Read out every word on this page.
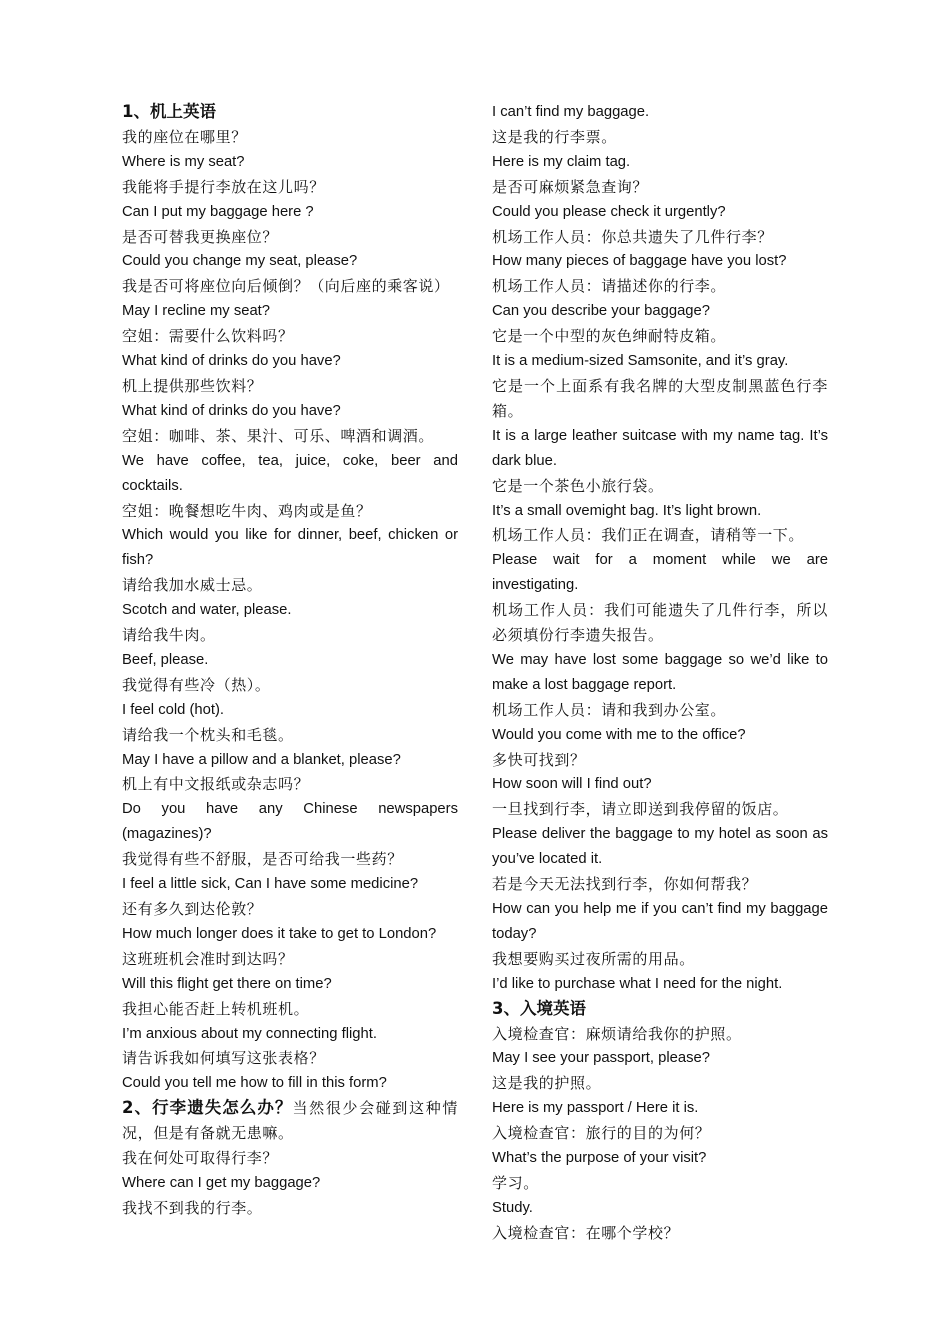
1、机上英语

我的座位在哪里？

Where is my seat?

我能将手提行李放在这儿吗？

Can I put my baggage here ?

是否可替我更换座位？

Could you change my seat, please?

我是否可将座位向后倾倒？（向后座的乘客说）

May I recline my seat?

空姐：需要什么饮料吗？

What kind of drinks do you have?

机上提供那些饮料？

What kind of drinks do you have?

空姐：咖啡、茶、果汁、可乐、啤酒和调酒。

We have coffee, tea, juice, coke, beer and cocktails.

空姐：晚餐想吃牛肉、鸡肉或是鱼？

Which would you like for dinner, beef, chicken or fish?

请给我加水威士忌。

Scotch and water, please.

请给我牛肉。

Beef, please.

我觉得有些冷（热）。

I feel cold (hot).

请给我一个枕头和毛毯。

May I have a pillow and a blanket, please?

机上有中文报纸或杂志吗？

Do you have any Chinese newspapers (magazines)?

我觉得有些不舒服，是否可给我一些药？

I feel a little sick, Can I have some medicine?

还有多久到达伦敦？

How much longer does it take to get to London?

这班班机会准时到达吗？

Will this flight get there on time?

我担心能否赶上转机班机。

I’m anxious about my connecting flight.

请告诉我如何填写这张表格？

Could you tell me how to fill in this form?

2、行李遗失怎么办？当然很少会碰到这种情况，但是有备就无患嘛。

我在何处可取得行李？

Where can I get my baggage?

我找不到我的行李。

I can’t find my baggage.

这是我的行李票。

Here is my claim tag.

是否可麻烦紧急查询？

Could you please check it urgently?

机场工作人员：你总共遗失了几件行李？

How many pieces of baggage have you lost?

机场工作人员：请描述你的行李。

Can you describe your baggage?

它是一个中型的灰色绅耐特皮箱。

It is a medium-sized Samsonite, and it’s gray.

它是一个上面系有我名牌的大型皮制黑蓝色行李箱。

It is a large leather suitcase with my name tag. It’s dark blue.

它是一个茶色小旅行袋。

It’s a small ovemight bag. It’s light brown.

机场工作人员：我们正在调查，请稍等一下。

Please wait for a moment while we are investigating.

机场工作人员：我们可能遗失了几件行李，所以必须填份行李遗失报告。

We may have lost some baggage so we’d like to make a lost baggage report.

机场工作人员：请和我到办公室。

Would you come with me to the office?

多快可找到？

How soon will I find out?

一旦找到行李，请立即送到我停留的饭店。

Please deliver the baggage to my hotel as soon as you’ve located it.

若是今天无法找到行李，你如何帮我？

How can you help me if you can’t find my baggage today?

我想要购买过夜所需的用品。

I’d like to purchase what I need for the night.

3、入境英语

入境检查官：麻烦请给我你的护照。

May I see your passport, please?

这是我的护照。

Here is my passport / Here it is.

入境检查官：旅行的目的为何？

What’s the purpose of your visit?

学习。

Study.

入境检查官：在哪个学校？
